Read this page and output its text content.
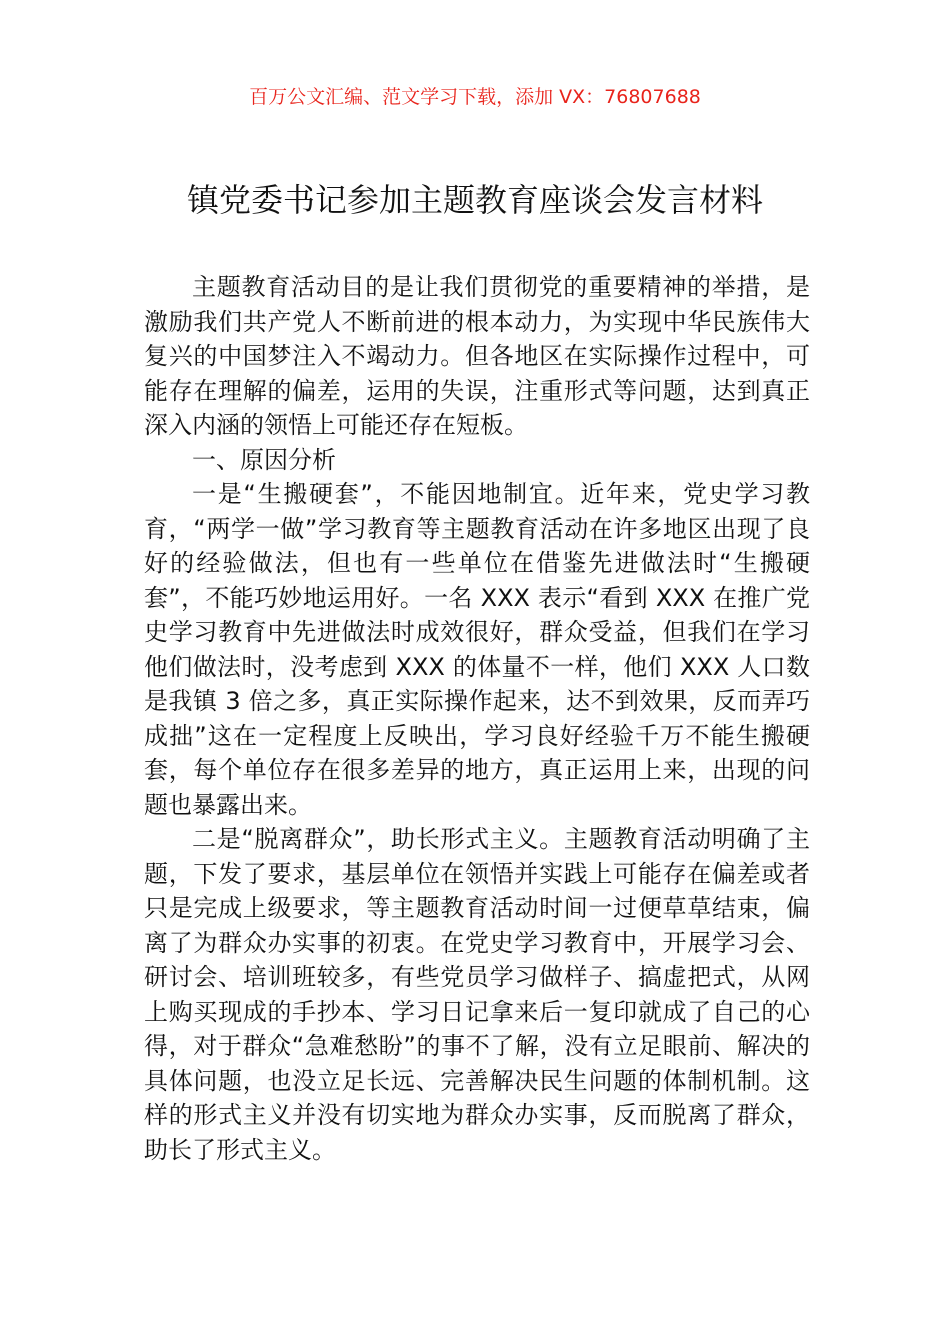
百万公文汇编、范文学习下载，添加 VX：76807688
镇党委书记参加主题教育座谈会发言材料

主题教育活动目的是让我们贯彻党的重要精神的举措，是激励我们共产党人不断前进的根本动力，为实现中华民族伟大复兴的中国梦注入不竭动力。但各地区在实际操作过程中，可能存在理解的偏差，运用的失误，注重形式等问题，达到真正深入内涵的领悟上可能还存在短板。

一、原因分析

一是“生搬硬套”，不能因地制宜。近年来，党史学习教育，“两学一做”学习教育等主题教育活动在许多地区出现了良好的经验做法，但也有一些单位在借鉴先进做法时“生搬硬套”，不能巧妙地运用好。一名 XXX 表示“看到 XXX 在推广党史学习教育中先进做法时成效很好，群众受益，但我们在学习他们做法时，没考虑到 XXX 的体量不一样，他们 XXX 人口数是我镇 3 倍之多，真正实际操作起来，达不到效果，反而弄巧成拙”这在一定程度上反映出，学习良好经验千万不能生搬硬套，每个单位存在很多差异的地方，真正运用上来，出现的问题也暴露出来。

二是“脱离群众”，助长形式主义。主题教育活动明确了主题，下发了要求，基层单位在领悟并实践上可能存在偏差或者只是完成上级要求，等主题教育活动时间一过便草草结束，偏离了为群众办实事的初衷。在党史学习教育中，开展学习会、研讨会、培训班较多，有些党员学习做样子、搞虚把式，从网上购买现成的手抄本、学习日记拿来后一复印就成了自己的心得，对于群众“急难愁盼”的事不了解，没有立足眼前、解决的具体问题，也没立足长远、完善解决民生问题的体制机制。这样的形式主义并没有切实地为群众办实事，反而脱离了群众，助长了形式主义。
